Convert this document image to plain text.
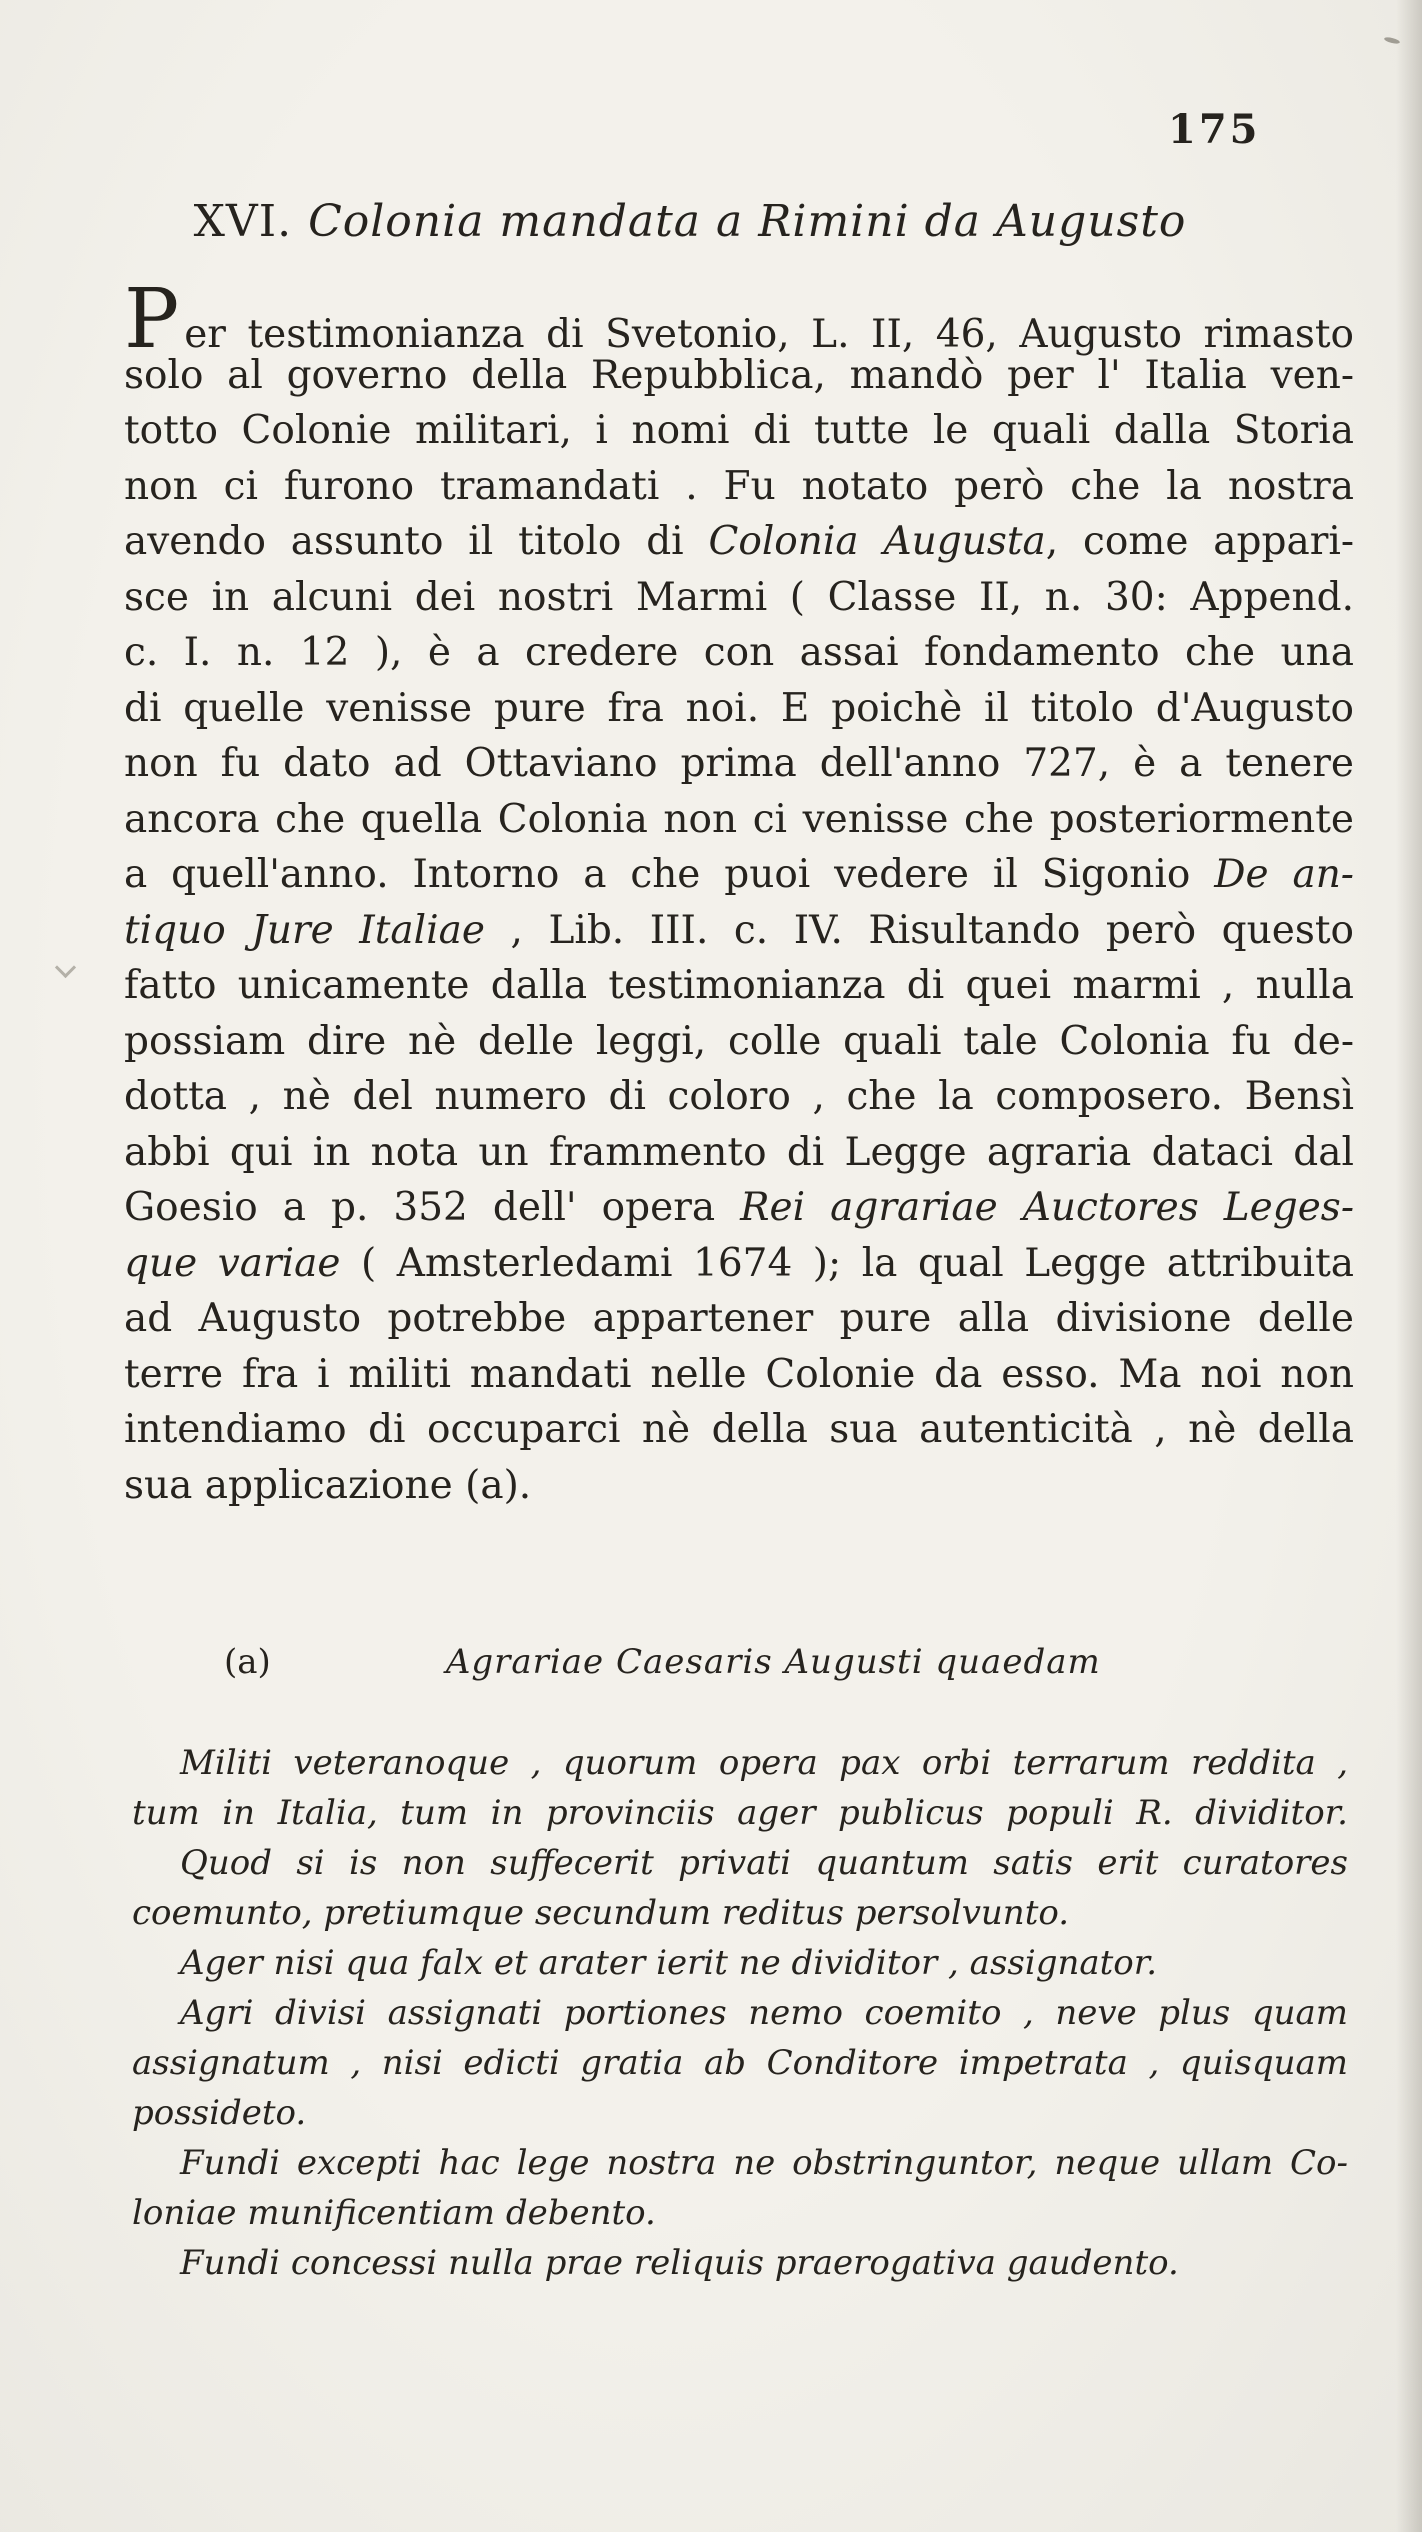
175
XVI. Colonia mandata a Rimini da Augusto
Per testimonianza di Svetonio, L. II, 46, Augusto rimasto
solo al governo della Repubblica, mandò per l' Italia ven-
totto Colonie militari, i nomi di tutte le quali dalla Storia
non ci furono tramandati . Fu notato però che la nostra
avendo assunto il titolo di Colonia Augusta, come appari-
sce in alcuni dei nostri Marmi ( Classe II, n. 30: Append.
c. I. n. 12 ), è a credere con assai fondamento che una
di quelle venisse pure fra noi. E poichè il titolo d'Augusto
non fu dato ad Ottaviano prima dell'anno 727, è a tenere
ancora che quella Colonia non ci venisse che posteriormente
a quell'anno. Intorno a che puoi vedere il Sigonio De an-
tiquo Jure Italiae , Lib. III. c. IV. Risultando però questo
fatto unicamente dalla testimonianza di quei marmi , nulla
possiam dire nè delle leggi, colle quali tale Colonia fu de-
dotta , nè del numero di coloro , che la composero. Bensì
abbi qui in nota un frammento di Legge agraria dataci dal
Goesio a p. 352 dell' opera Rei agrariae Auctores Leges-
que variae ( Amsterledami 1674 ); la qual Legge attribuita
ad Augusto potrebbe appartener pure alla divisione delle
terre fra i militi mandati nelle Colonie da esso. Ma noi non
intendiamo di occuparci nè della sua autenticità , nè della
sua applicazione (a).
(a)	Agrariae Caesaris Augusti quaedam
Militi veteranoque , quorum opera pax orbi terrarum reddita ,
tum in Italia, tum in provinciis ager publicus populi R. dividitor.
Quod si is non suffecerit privati quantum satis erit curatores
coemunto, pretiumque secundum reditus persolvunto.
Ager nisi qua falx et arater ierit ne dividitor , assignator.
Agri divisi assignati portiones nemo coemito , neve plus quam
assignatum , nisi edicti gratia ab Conditore impetrata , quisquam
possideto.
Fundi excepti hac lege nostra ne obstringuntor, neque ullam Co-
loniae munificentiam debento.
Fundi concessi nulla prae reliquis praerogativa gaudento.
